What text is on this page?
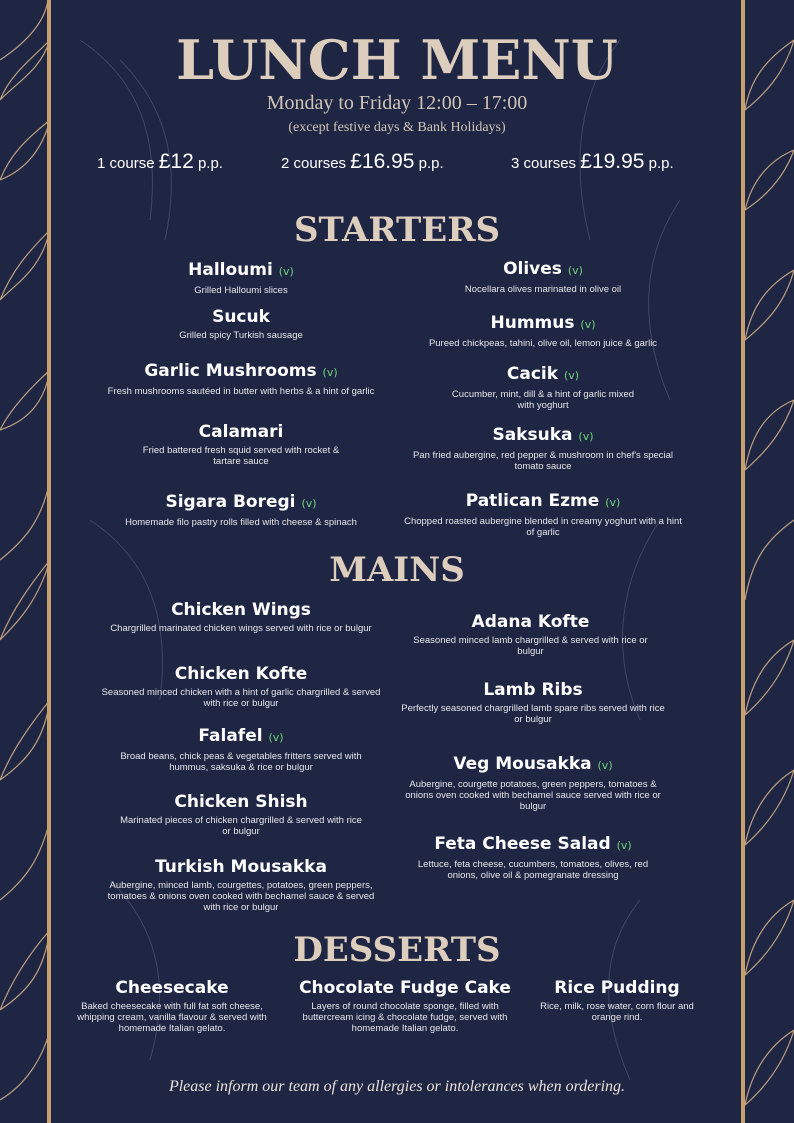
LUNCH MENU
Monday to Friday 12:00 – 17:00
(except festive days & Bank Holidays)
1 course £12 p.p.	2 courses £16.95 p.p.	3 courses £19.95 p.p.
STARTERS
Halloumi (v)
Grilled Halloumi slices
Sucuk
Grilled spicy Turkish sausage
Garlic Mushrooms (v)
Fresh mushrooms sautéed in butter with herbs & a hint of garlic
Calamari
Fried battered fresh squid served with rocket & tartare sauce
Sigara Boregi (v)
Homemade filo pastry rolls filled with cheese & spinach
Olives (v)
Nocellara olives marinated in olive oil
Hummus (v)
Pureed chickpeas, tahini, olive oil, lemon juice & garlic
Cacik (v)
Cucumber, mint, dill & a hint of garlic mixed with yoghurt
Saksuka (v)
Pan fried aubergine, red pepper & mushroom in chef's special tomato sauce
Patlican Ezme (v)
Chopped roasted aubergine blended in creamy yoghurt with a hint of garlic
MAINS
Chicken Wings
Chargrilled marinated chicken wings served with rice or bulgur
Chicken Kofte
Seasoned minced chicken with a hint of garlic chargrilled & served with rice or bulgur
Falafel (v)
Broad beans, chick peas & vegetables fritters served with hummus, saksuka & rice or bulgur
Chicken Shish
Marinated pieces of chicken chargrilled & served with rice or bulgur
Turkish Mousakka
Aubergine, minced lamb, courgettes, potatoes, green peppers, tomatoes & onions oven cooked with bechamel sauce & served with rice or bulgur
Adana Kofte
Seasoned minced lamb chargrilled & served with rice or bulgur
Lamb Ribs
Perfectly seasoned chargrilled lamb spare ribs served with rice or bulgur
Veg Mousakka (v)
Aubergine, courgette potatoes, green peppers, tomatoes & onions oven cooked with bechamel sauce served with rice or bulgur
Feta Cheese Salad (v)
Lettuce, feta cheese, cucumbers, tomatoes, olives, red onions, olive oil & pomegranate dressing
DESSERTS
Cheesecake
Baked cheesecake with full fat soft cheese, whipping cream, vanilla flavour & served with homemade Italian gelato.
Chocolate Fudge Cake
Layers of round chocolate sponge, filled with buttercream icing & chocolate fudge, served with homemade Italian gelato.
Rice Pudding
Rice, milk, rose water, corn flour and orange rind.
Please inform our team of any allergies or intolerances when ordering.
